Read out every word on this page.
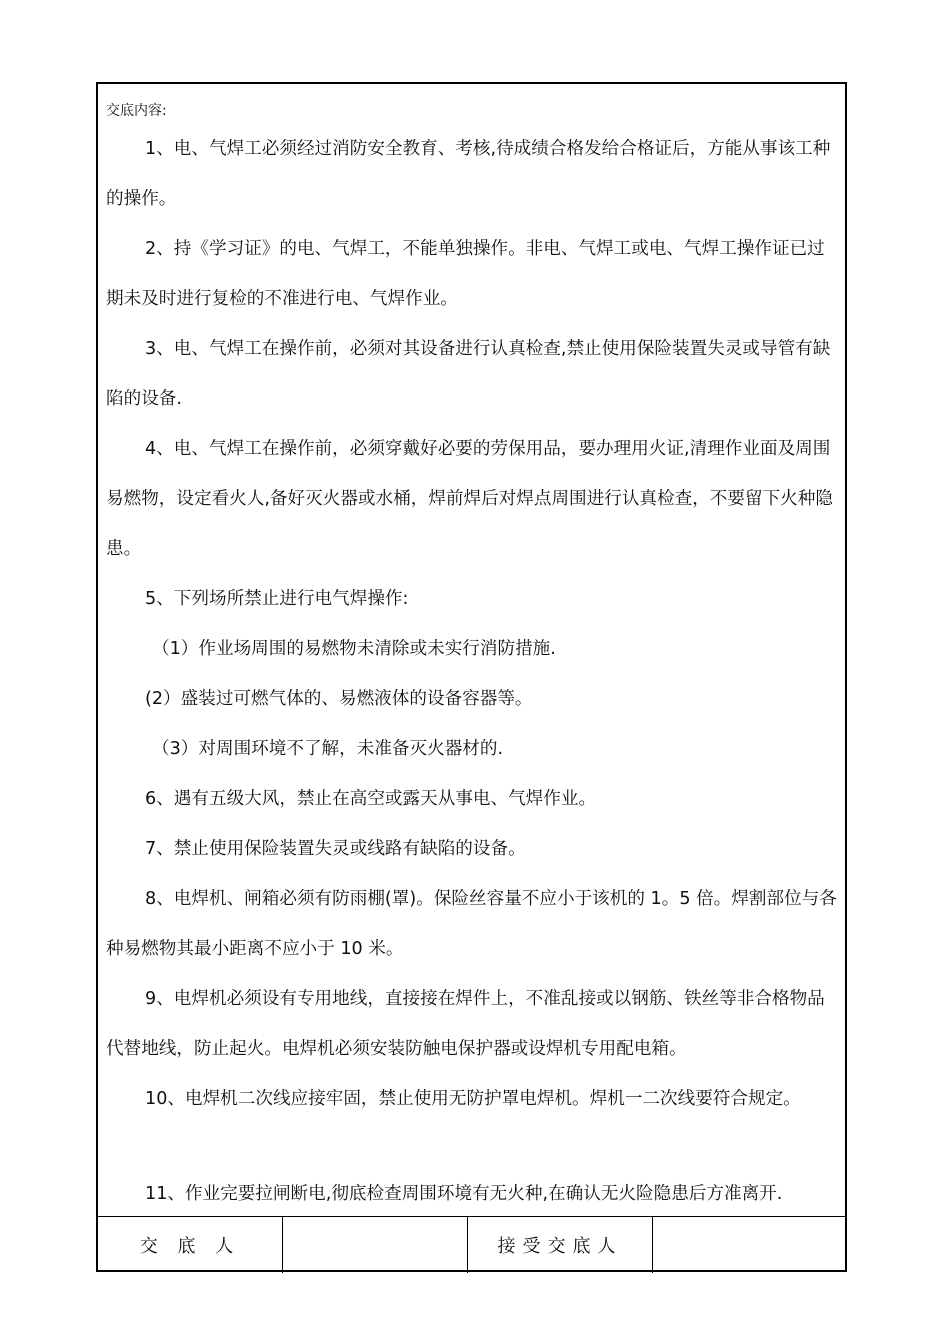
交底内容:

1、电、气焊工必须经过消防安全教育、考核,待成绩合格发给合格证后，方能从事该工种的操作。

2、持《学习证》的电、气焊工，不能单独操作。非电、气焊工或电、气焊工操作证已过期未及时进行复检的不准进行电、气焊作业。

3、电、气焊工在操作前，必须对其设备进行认真检查,禁止使用保险装置失灵或导管有缺陷的设备.

4、电、气焊工在操作前，必须穿戴好必要的劳保用品，要办理用火证,清理作业面及周围易燃物，设定看火人,备好灭火器或水桶，焊前焊后对焊点周围进行认真检查，不要留下火种隐患。

5、下列场所禁止进行电气焊操作:

（1）作业场周围的易燃物未清除或未实行消防措施.

(2）盛装过可燃气体的、易燃液体的设备容器等。

（3）对周围环境不了解，未准备灭火器材的.

6、遇有五级大风，禁止在高空或露天从事电、气焊作业。

7、禁止使用保险装置失灵或线路有缺陷的设备。

8、电焊机、闸箱必须有防雨棚(罩)。保险丝容量不应小于该机的 1。5 倍。焊割部位与各种易燃物其最小距离不应小于 10 米。

9、电焊机必须设有专用地线，直接接在焊件上，不准乱接或以钢筋、铁丝等非合格物品代替地线，防止起火。电焊机必须安装防触电保护器或设焊机专用配电箱。

10、电焊机二次线应接牢固，禁止使用无防护罩电焊机。焊机一二次线要符合规定。

11、作业完要拉闸断电,彻底检查周围环境有无火种,在确认无火险隐患后方准离开.

交 底 人	接受交底人
